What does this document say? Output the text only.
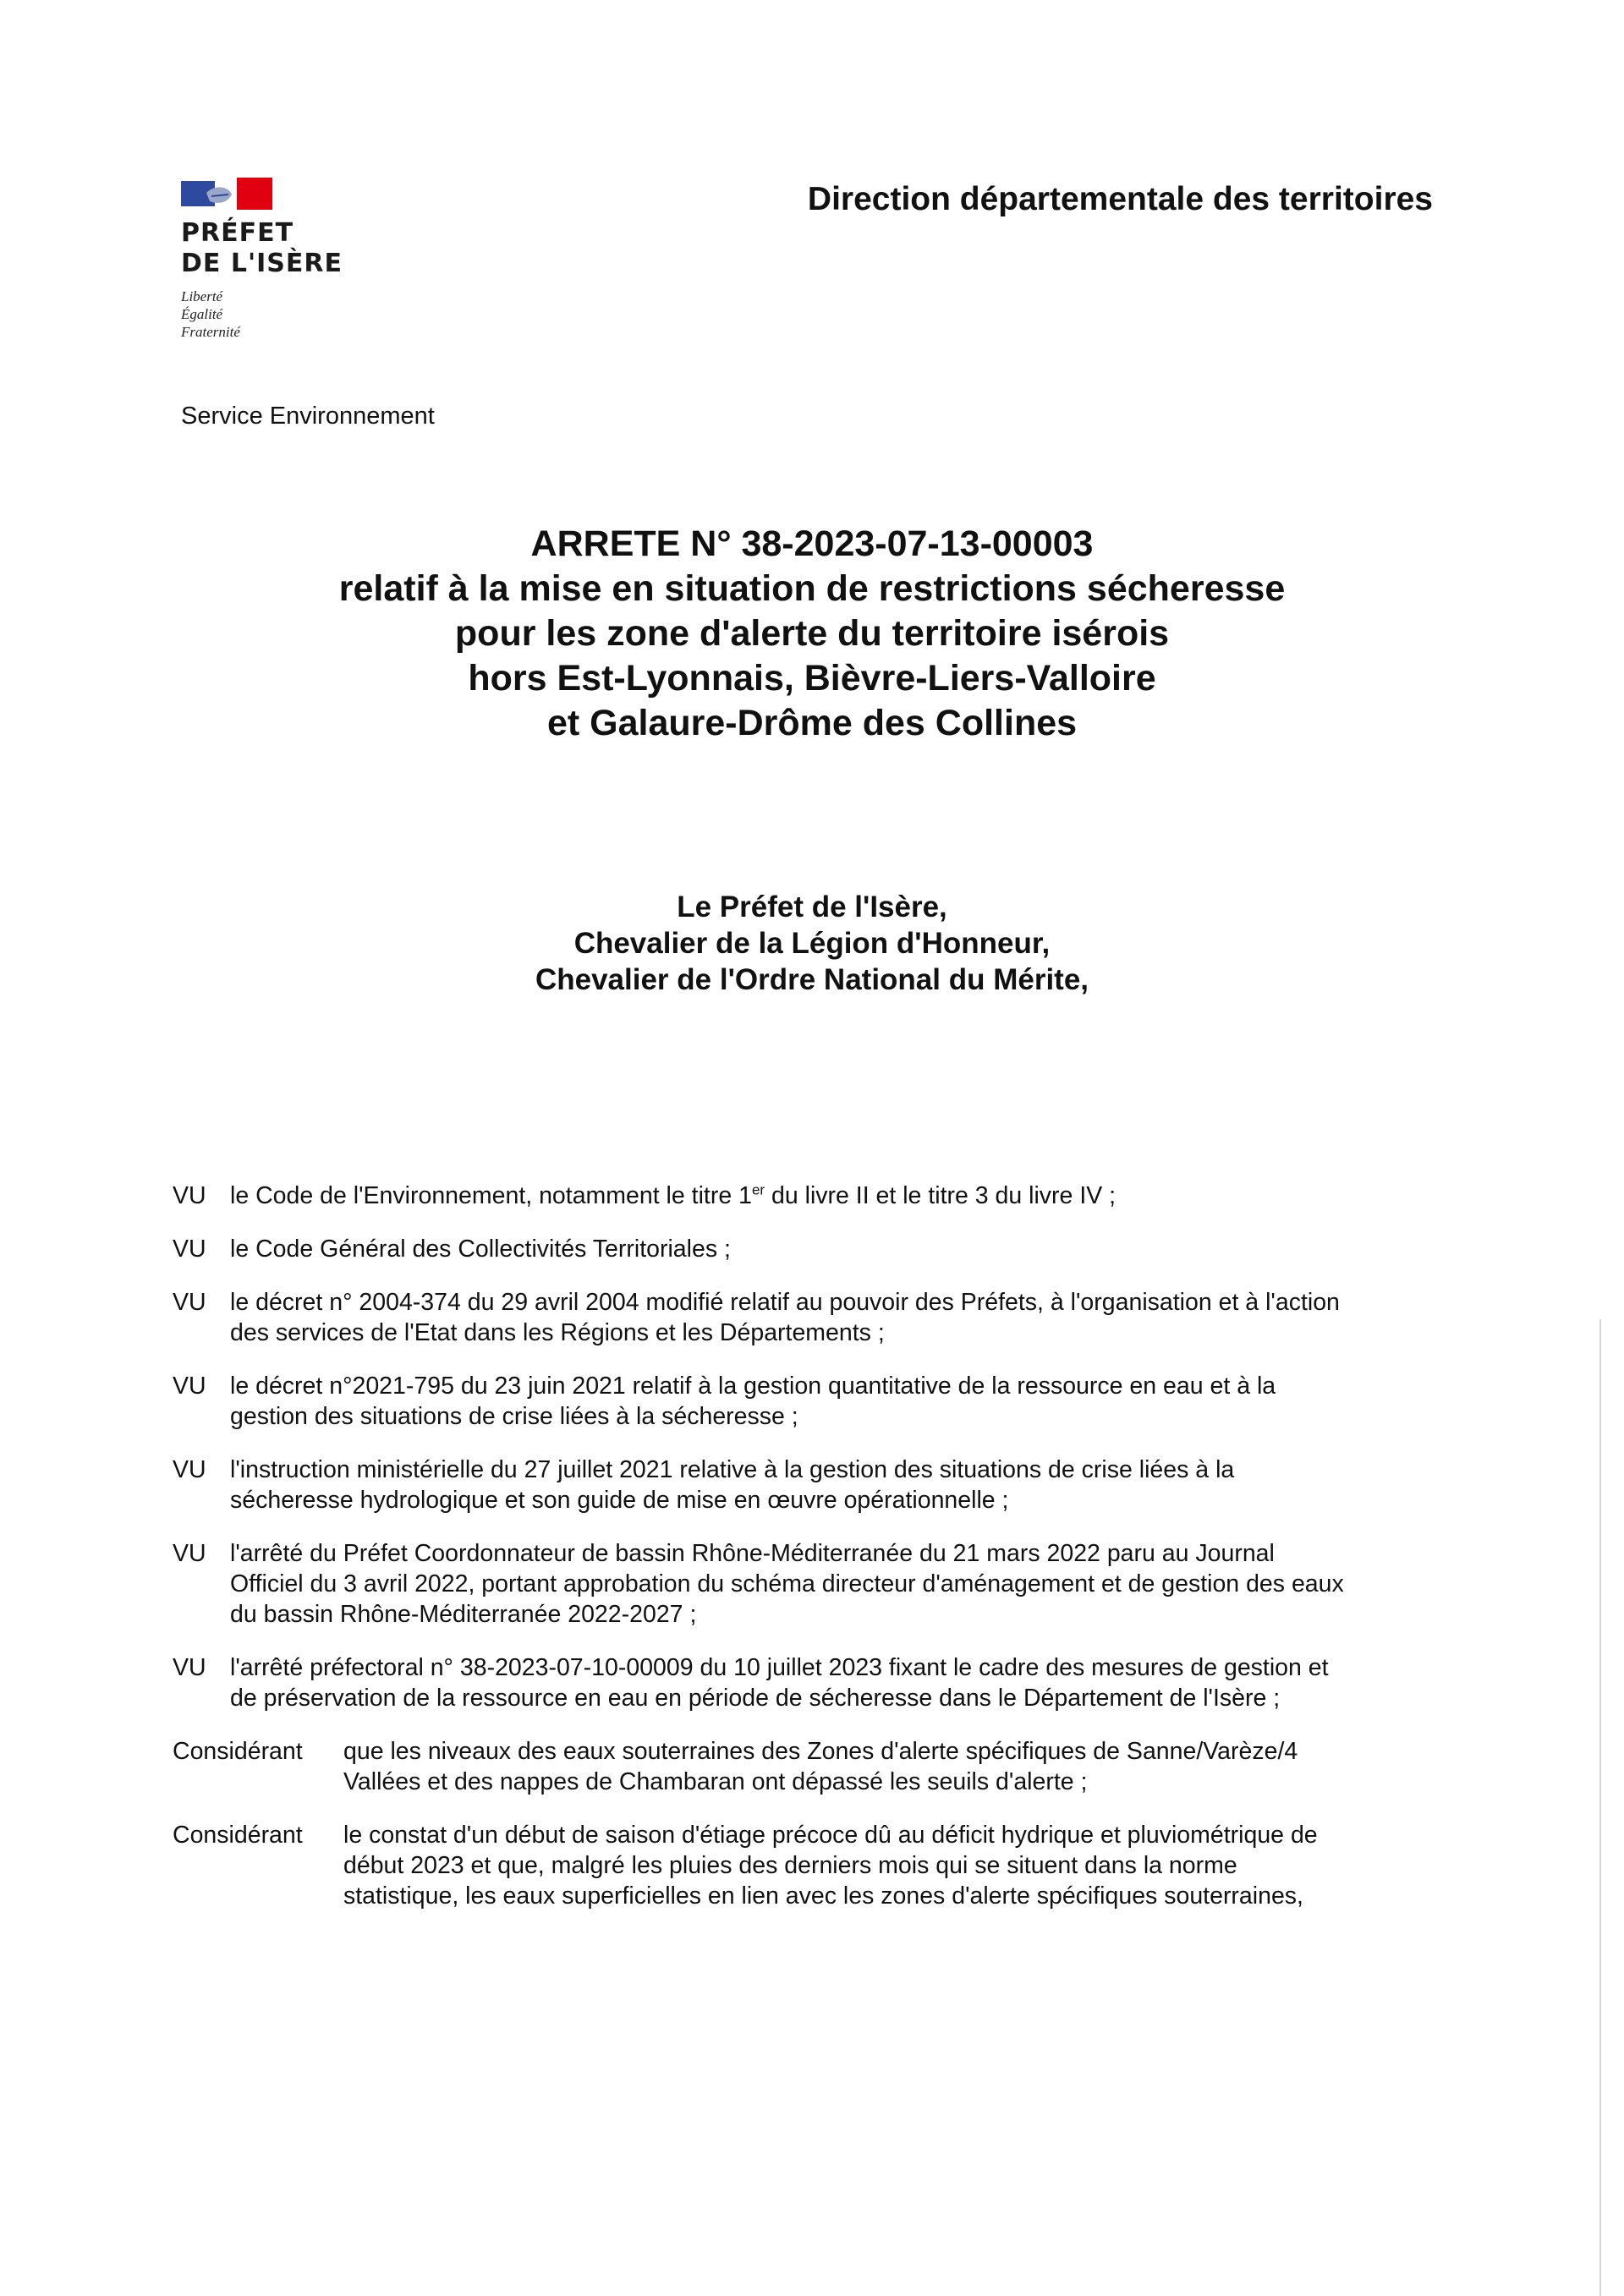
PRÉFET
DE L'ISÈRE
Liberté
Égalité
Fraternité
Direction départementale des territoires
Service Environnement
ARRETE N° 38-2023-07-13-00003
relatif à la mise en situation de restrictions sécheresse
pour les zone d'alerte du territoire isérois
hors Est-Lyonnais, Bièvre-Liers-Valloire
et Galaure-Drôme des Collines
Le Préfet de l'Isère,
Chevalier de la Légion d'Honneur,
Chevalier de l'Ordre National du Mérite,
VU le Code de l'Environnement, notamment le titre 1er du livre II et le titre 3 du livre IV ;
VU le Code Général des Collectivités Territoriales ;
VU le décret n° 2004-374 du 29 avril 2004 modifié relatif au pouvoir des Préfets, à l'organisation et à l'action
des services de l'Etat dans les Régions et les Départements ;
VU le décret n°2021-795 du 23 juin 2021 relatif à la gestion quantitative de la ressource en eau et à la
gestion des situations de crise liées à la sécheresse ;
VU l'instruction ministérielle du 27 juillet 2021 relative à la gestion des situations de crise liées à la
sécheresse hydrologique et son guide de mise en œuvre opérationnelle ;
VU l'arrêté du Préfet Coordonnateur de bassin Rhône-Méditerranée du 21 mars 2022 paru au Journal
Officiel du 3 avril 2022, portant approbation du schéma directeur d'aménagement et de gestion des eaux
du bassin Rhône-Méditerranée 2022-2027 ;
VU l'arrêté préfectoral n° 38-2023-07-10-00009 du 10 juillet 2023 fixant le cadre des mesures de gestion et
de préservation de la ressource en eau en période de sécheresse dans le Département de l'Isère ;
Considérant	que les niveaux des eaux souterraines des Zones d'alerte spécifiques de Sanne/Varèze/4
Vallées et des nappes de Chambaran ont dépassé les seuils d'alerte ;
Considérant	le constat d'un début de saison d'étiage précoce dû au déficit hydrique et pluviométrique de
début 2023 et que, malgré les pluies des derniers mois qui se situent dans la norme
statistique, les eaux superficielles en lien avec les zones d'alerte spécifiques souterraines,
